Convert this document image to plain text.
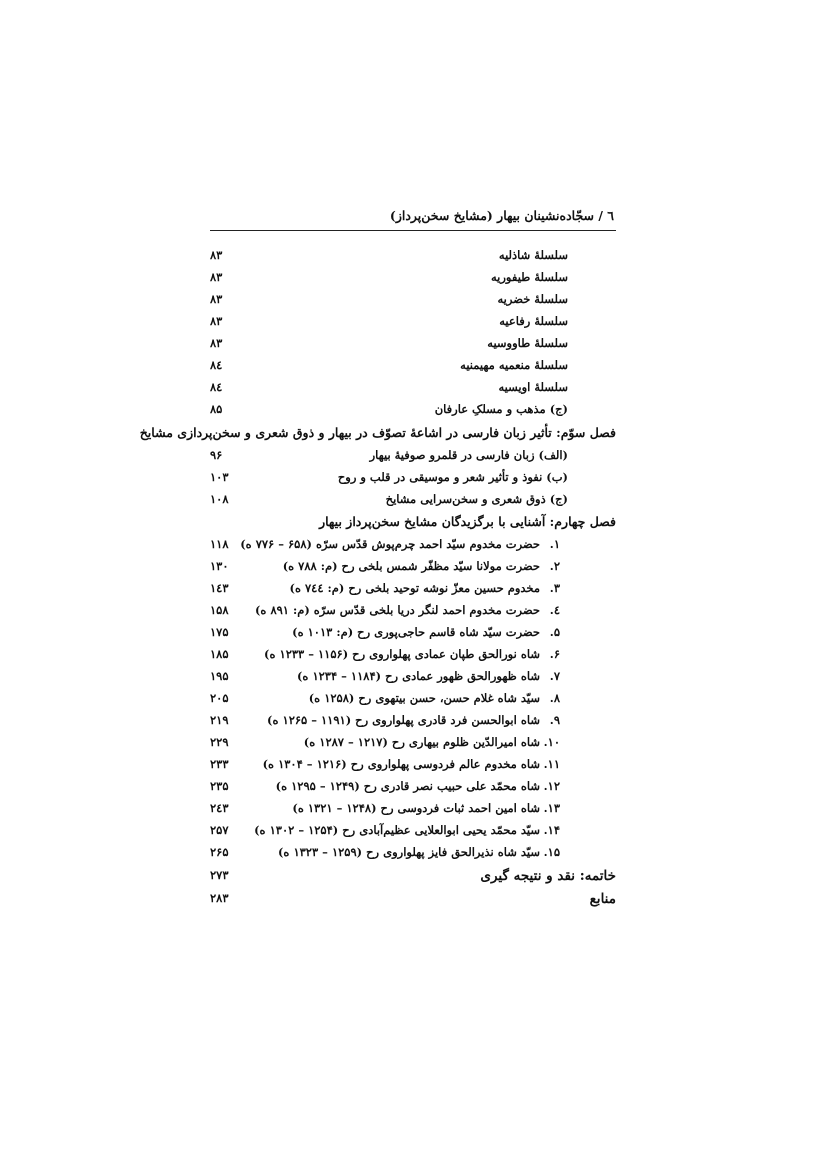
٦ / سجّاده‌نشینان بیهار (مشایخ سخن‌پرداز)
سلسلهٔ شاذلیه
۸۳
سلسلهٔ طیفوریه
۸۳
سلسلهٔ خضریه
۸۳
سلسلهٔ رفاعیه
۸۳
سلسلهٔ طاووسیه
۸۳
سلسلهٔ منعمیه مهیمنیه
۸٤
سلسلهٔ اویسیه
۸٤
(ج) مذهب و مسلکِ عارفان
۸۵
فصل سوّم: تأثیر زبان فارسی در اشاعهٔ تصوّف در بیهار و ذوق شعری و سخن‌پردازی مشایخ
(الف) زبان فارسی در قلمرو صوفیهٔ بیهار
۹۶
(ب) نفوذ و تأثیر شعر و موسیقی در قلب و روح
۱۰۳
(ج) ذوق شعری و سخن‌سرایی مشایخ
۱۰۸
فصل چهارم: آشنایی با برگزیدگان مشایخ سخن‌پرداز بیهار
۱.
حضرت مخدوم سیّد احمد چرم‌پوش قدّس سرّه (۶۵۸ – ۷۷۶ ه)
۱۱۸
۲.
حضرت مولانا سیّد مظفّر شمس بلخی رح (م: ۷۸۸ ه)
۱۳۰
۳.
مخدوم حسین معزّ نوشه توحید بلخی رح (م: ۷٤٤ ه)
۱٤۳
٤.
حضرت مخدوم احمد لنگر دریا بلخی قدّس سرّه (م: ۸۹۱ ه)
۱۵۸
۵.
حضرت سیّد شاه قاسم حاجی‌پوری رح (م: ۱۰۱۳ ه)
۱۷۵
۶.
شاه نورالحق طپان عمادی پهلواروی رح (۱۱۵۶ – ۱۲۳۳ ه)
۱۸۵
۷.
شاه ظهورالحق ظهور عمادی رح (۱۱۸۴ – ۱۲۳۴ ه)
۱۹۵
۸.
سیّد شاه غلام حسن، حسن بیتهوی رح (۱۲۵۸ ه)
۲۰۵
۹.
شاه ابوالحسن فرد قادری پهلواروی رح (۱۱۹۱ – ۱۲۶۵ ه)
۲۱۹
۱۰.
شاه امیرالدّین ظلوم بیهاری رح (۱۲۱۷ – ۱۲۸۷ ه)
۲۲۹
۱۱.
شاه مخدوم عالم فردوسی پهلواروی رح (۱۲۱۶ – ۱۳۰۴ ه)
۲۳۳
۱۲.
شاه محمّد علی حبیب نصر قادری رح (۱۲۴۹ – ۱۲۹۵ ه)
۲۳۵
۱۳.
شاه امین احمد ثبات فردوسی رح (۱۲۴۸ – ۱۳۲۱ ه)
۲٤۳
۱۴.
سیّد محمّد یحیی ابوالعلایی عظیم‌آبادی رح (۱۲۵۴ – ۱۳۰۲ ه)
۲۵۷
۱۵.
سیّد شاه نذیرالحق فایز پهلواروی رح (۱۲۵۹ – ۱۳۲۳ ه)
۲۶۵
خاتمه: نقد و نتیجه گیری
۲۷۳
منابع
۲۸۳
